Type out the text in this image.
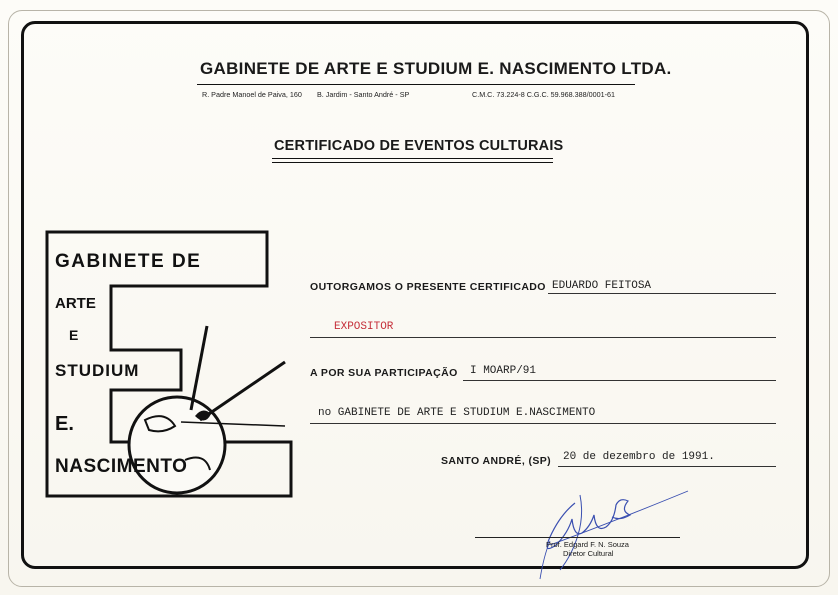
GABINETE DE ARTE E STUDIUM E. NASCIMENTO LTDA.
R. Padre Manoel de Paiva, 160 B. Jardim - Santo André - SP	C.M.C. 73.224-8 C.G.C. 59.968.388/0001-61
CERTIFICADO DE EVENTOS CULTURAIS
GABINETE DE
ARTE
E
STUDIUM
E.
NASCIMENTO
OUTORGAMOS O PRESENTE CERTIFICADO EDUARDO FEITOSA
EXPOSITOR
A POR SUA PARTICIPAÇÃO I MOARP/91
no GABINETE DE ARTE E STUDIUM E.NASCIMENTO
SANTO ANDRÉ, (SP) 20 de dezembro de 1991.
Prof. Edgard F. N. Souza
Diretor Cultural
